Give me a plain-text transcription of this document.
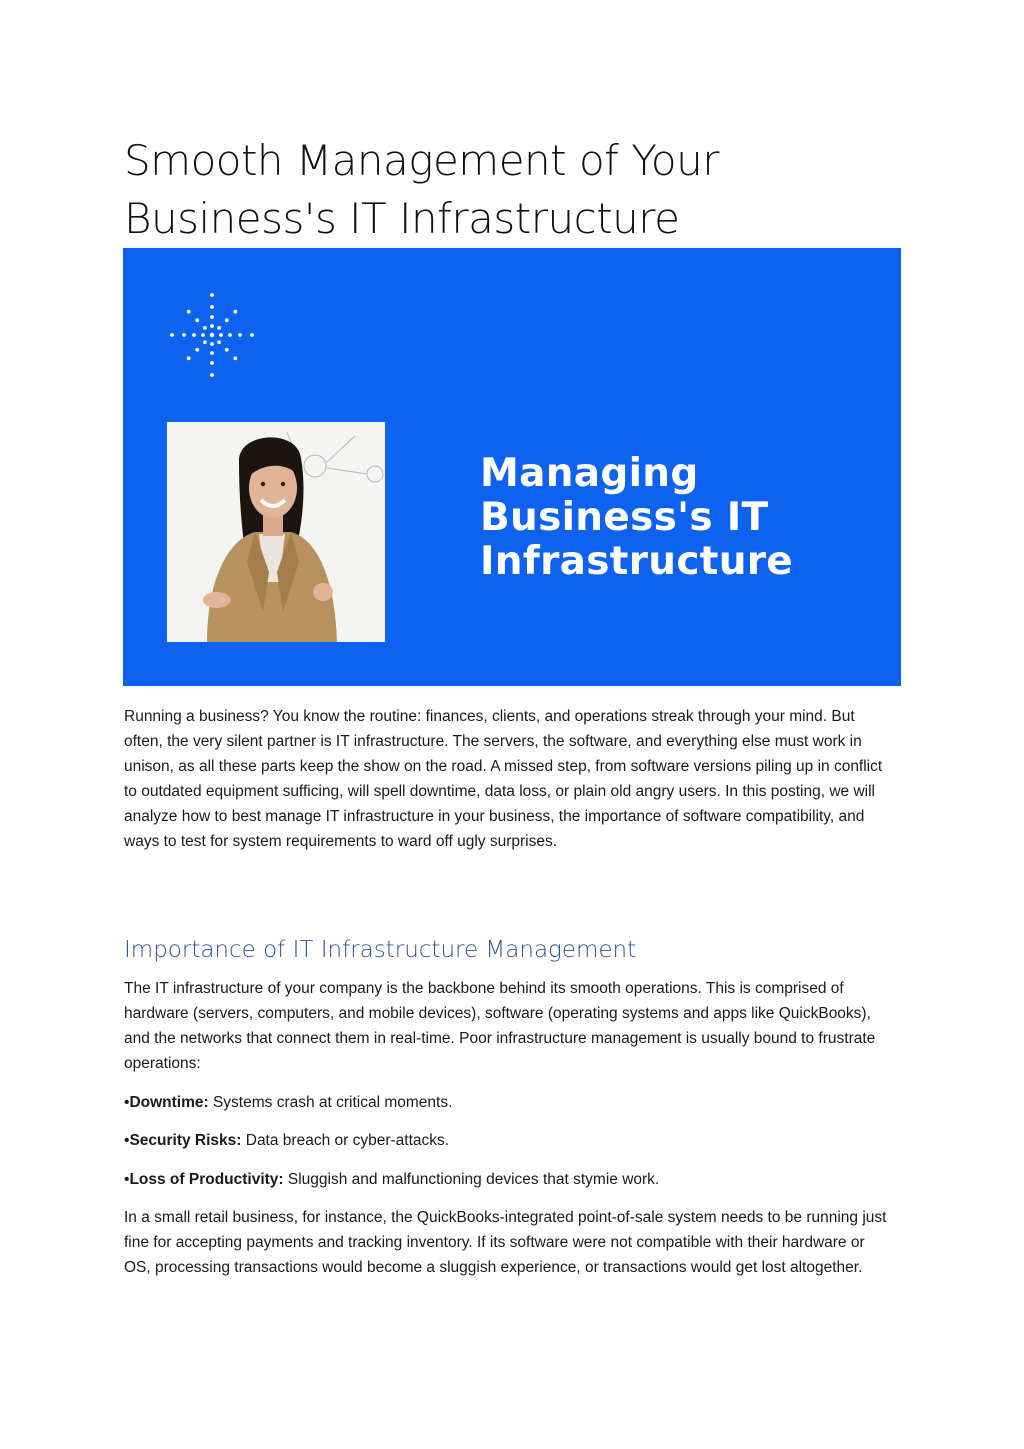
Smooth Management of Your
Business's IT Infrastructure
Managing
Business's IT
Infrastructure

Running a business? You know the routine: finances, clients, and operations streak through your mind. But often, the very silent partner is IT infrastructure. The servers, the software, and everything else must work in unison, as all these parts keep the show on the road. A missed step, from software versions piling up in conflict to outdated equipment sufficing, will spell downtime, data loss, or plain old angry users. In this posting, we will analyze how to best manage IT infrastructure in your business, the importance of software compatibility, and ways to test for system requirements to ward off ugly surprises.

Importance of IT Infrastructure Management

The IT infrastructure of your company is the backbone behind its smooth operations. This is comprised of hardware (servers, computers, and mobile devices), software (operating systems and apps like QuickBooks), and the networks that connect them in real-time. Poor infrastructure management is usually bound to frustrate operations:

•Downtime: Systems crash at critical moments.
•Security Risks: Data breach or cyber-attacks.
•Loss of Productivity: Sluggish and malfunctioning devices that stymie work.

In a small retail business, for instance, the QuickBooks-integrated point-of-sale system needs to be running just fine for accepting payments and tracking inventory. If its software were not compatible with their hardware or OS, processing transactions would become a sluggish experience, or transactions would get lost altogether.
